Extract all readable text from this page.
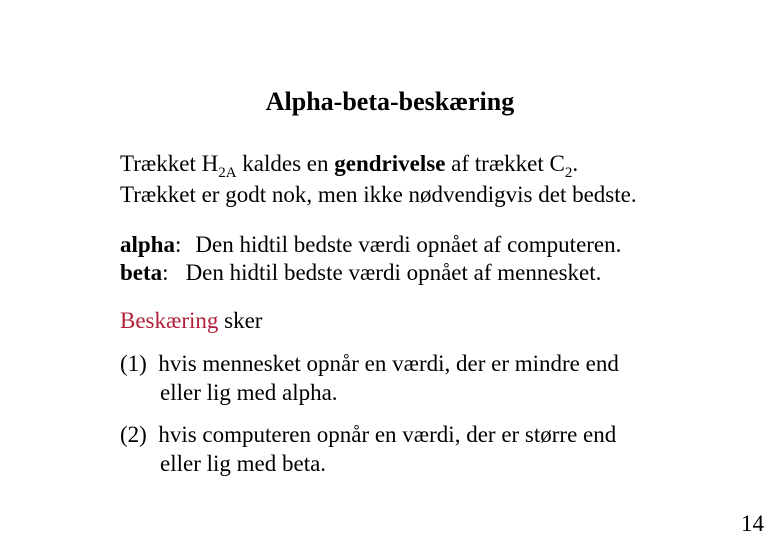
Alpha-beta-beskæring
Trækket $H_{2A}$ kaldes en gendrivelse af trækket $C_2$.
Trækket er godt nok, men ikke nødvendigvis det bedste.
alpha: Den hidtil bedste værdi opnået af computeren.
beta: Den hidtil bedste værdi opnået af mennesket.
Beskæring sker
(1) hvis mennesket opnår en værdi, der er mindre end
eller lig med alpha.
(2) hvis computeren opnår en værdi, der er større end
eller lig med beta.
14
